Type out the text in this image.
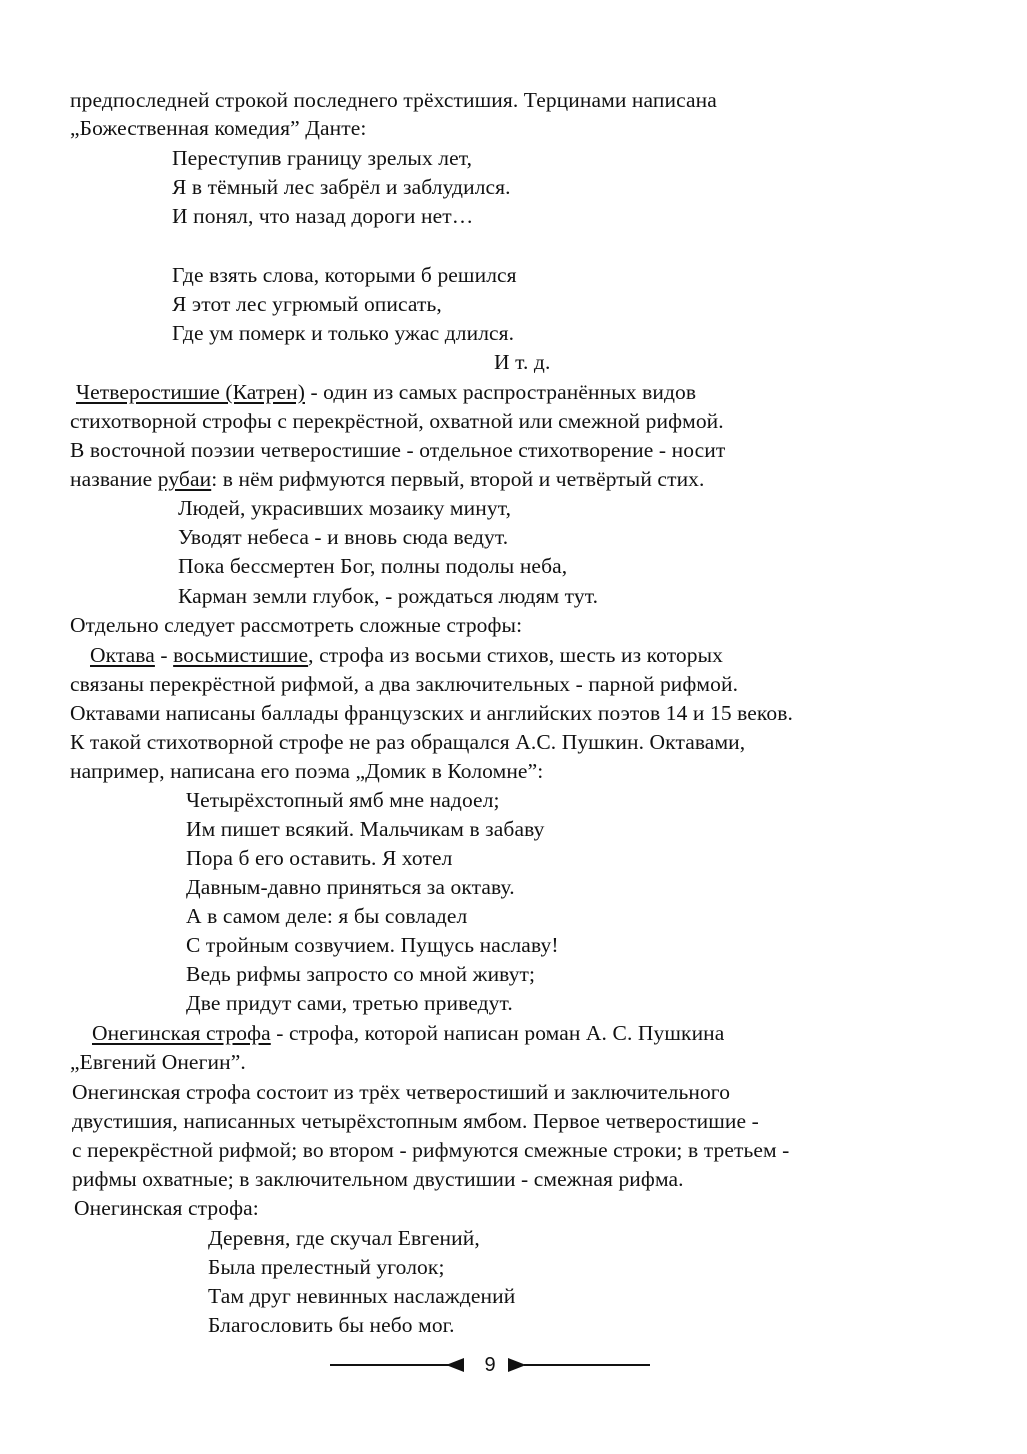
предпоследней строкой последнего трёхстишия. Терцинами написана
„Божественная комедия” Данте:
Переступив границу зрелых лет,
Я в тёмный лес забрёл и заблудился.
И понял, что назад дороги нет…
Где взять слова, которыми б решился
Я этот лес угрюмый описать,
Где ум померк и только ужас длился.
И т. д.
Четверостишие (Катрен) - один из самых распространённых видов
стихотворной строфы с перекрёстной, охватной или смежной рифмой.
В восточной поэзии четверостишие - отдельное стихотворение - носит
название рубаи: в нём рифмуются первый, второй и четвёртый стих.
Людей, украсивших мозаику минут,
Уводят небеса - и вновь сюда ведут.
Пока бессмертен Бог, полны подолы неба,
Карман земли глубок, - рождаться людям тут.
Отдельно следует рассмотреть сложные строфы:
Октава - восьмистишие, строфа из восьми стихов, шесть из которых
связаны перекрёстной рифмой, а два заключительных - парной рифмой.
Октавами написаны баллады французских и английских поэтов 14 и 15 веков.
К такой стихотворной строфе не раз обращался А.С. Пушкин. Октавами,
например, написана его поэма „Домик в Коломне”:
Четырёхстопный ямб мне надоел;
Им пишет всякий. Мальчикам в забаву
Пора б его оставить. Я хотел
Давным-давно приняться за октаву.
А в самом деле: я бы совладел
С тройным созвучием. Пущусь наславу!
Ведь рифмы запросто со мной живут;
Две придут сами, третью приведут.
Онегинская строфа - строфа, которой написан роман А. С. Пушкина
„Евгений Онегин”.
Онегинская строфа состоит из трёх четверостиший и заключительного
двустишия, написанных четырёхстопным ямбом. Первое четверостишие -
с перекрёстной рифмой; во втором - рифмуются смежные строки; в третьем -
рифмы охватные; в заключительном двустишии - смежная рифма.
Онегинская строфа:
Деревня, где скучал Евгений,
Была прелестный уголок;
Там друг невинных наслаждений
Благословить бы небо мог.
9
